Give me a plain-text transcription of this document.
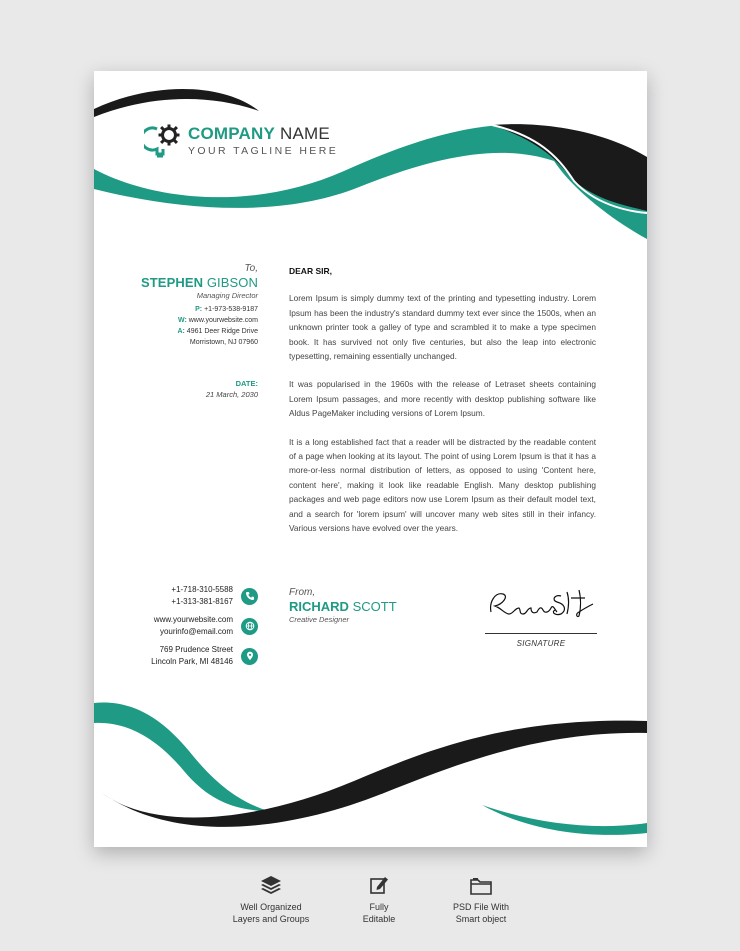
COMPANY NAME
YOUR TAGLINE HERE
To,
STEPHEN GIBSON
Managing Director
P: +1-973-538-9187
W: www.yourwebsite.com
A: 4961 Deer Ridge Drive
Morristown, NJ 07960
DATE:
21 March, 2030
DEAR SIR,

Lorem Ipsum is simply dummy text of the printing and typesetting industry. Lorem Ipsum has been the industry's standard dummy text ever since the 1500s, when an unknown printer took a galley of type and scrambled it to make a type specimen book. It has survived not only five centuries, but also the leap into electronic typesetting, remaining essentially unchanged.

It was popularised in the 1960s with the release of Letraset sheets containing Lorem Ipsum passages, and more recently with desktop publishing software like Aldus PageMaker including versions of Lorem Ipsum.

It is a long established fact that a reader will be distracted by the readable content of a page when looking at its layout. The point of using Lorem Ipsum is that it has a more-or-less normal distribution of letters, as opposed to using 'Content here, content here', making it look like readable English. Many desktop publishing packages and web page editors now use Lorem Ipsum as their default model text, and a search for 'lorem ipsum' will uncover many web sites still in their infancy. Various versions have evolved over the years.

+1-718-310-5588
+1-313-381-8167
www.yourwebsite.com
yourinfo@email.com
769 Prudence Street
Lincoln Park, MI 48146
From,
RICHARD SCOTT
Creative Designer
SIGNATURE
Well Organized
Layers and Groups
Fully
Editable
PSD File With
Smart object
